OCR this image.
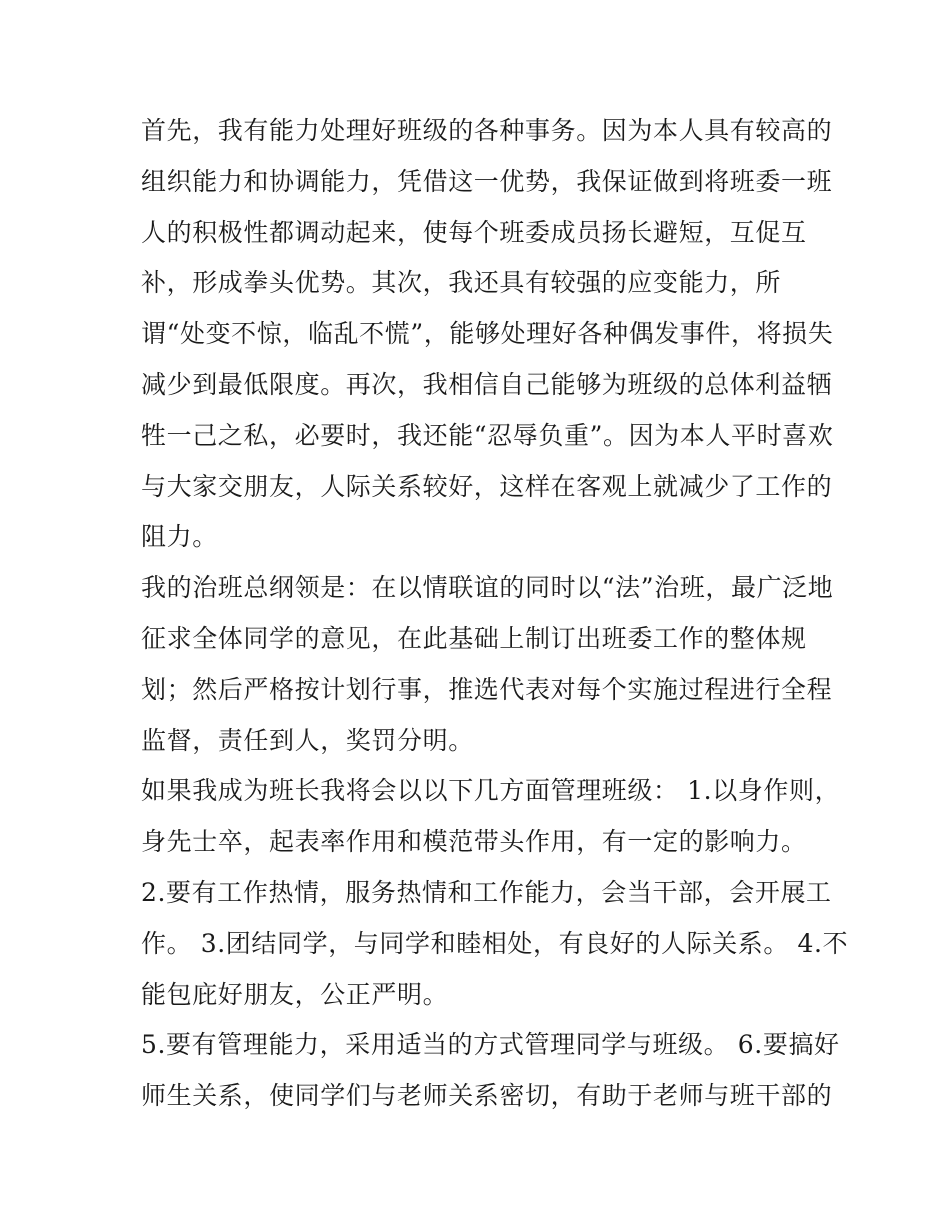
首先，我有能力处理好班级的各种事务。因为本人具有较高的
组织能力和协调能力，凭借这一优势，我保证做到将班委一班
人的积极性都调动起来，使每个班委成员扬长避短，互促互
补，形成拳头优势。其次，我还具有较强的应变能力，所
谓“处变不惊，临乱不慌”，能够处理好各种偶发事件，将损失
减少到最低限度。再次，我相信自己能够为班级的总体利益牺
牲一己之私，必要时，我还能“忍辱负重”。因为本人平时喜欢
与大家交朋友，人际关系较好，这样在客观上就减少了工作的
阻力。
我的治班总纲领是：在以情联谊的同时以“法”治班，最广泛地
征求全体同学的意见，在此基础上制订出班委工作的整体规
划；然后严格按计划行事，推选代表对每个实施过程进行全程
监督，责任到人，奖罚分明。
如果我成为班长我将会以以下几方面管理班级： 1.以身作则，
身先士卒，起表率作用和模范带头作用，有一定的影响力。
2.要有工作热情，服务热情和工作能力，会当干部，会开展工
作。 3.团结同学，与同学和睦相处，有良好的人际关系。 4.不
能包庇好朋友，公正严明。
5.要有管理能力，采用适当的方式管理同学与班级。 6.要搞好
师生关系，使同学们与老师关系密切，有助于老师与班干部的
